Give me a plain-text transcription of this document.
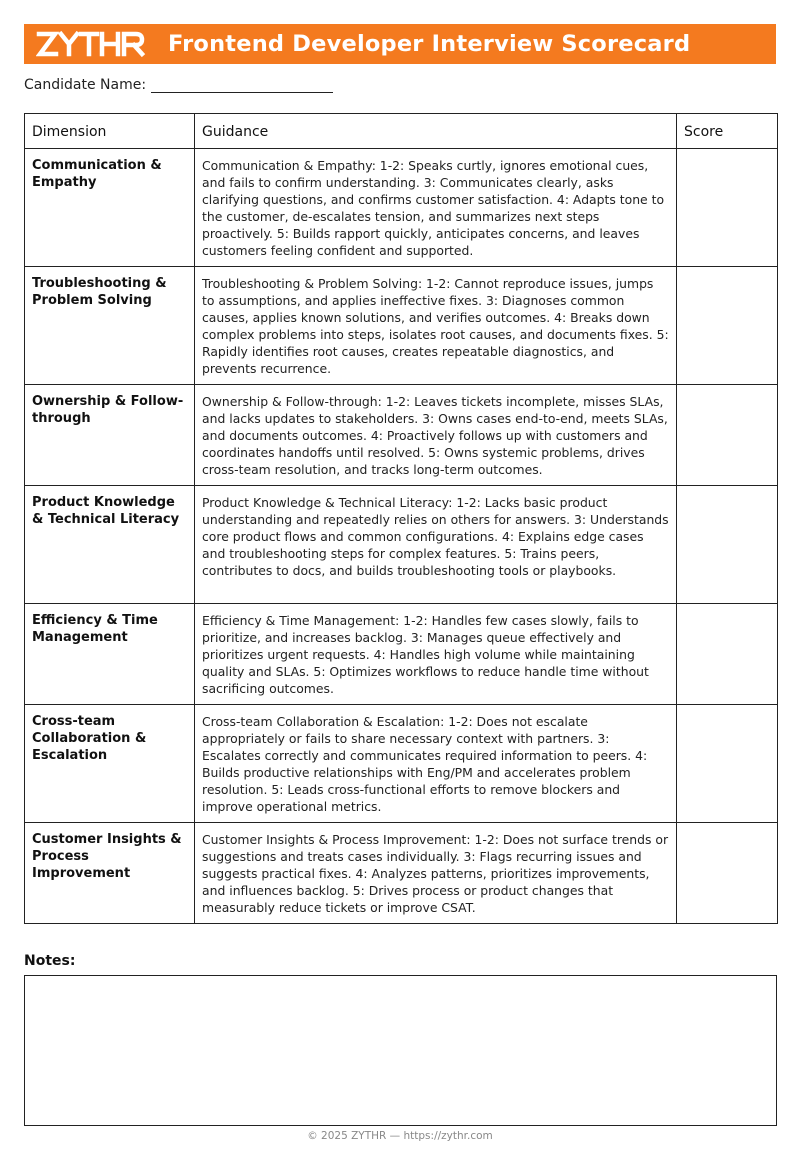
Frontend Developer Interview Scorecard
Candidate Name:
Dimension	Guidance	Score
Communication & Empathy	Communication & Empathy: 1-2: Speaks curtly, ignores emotional cues, and fails to confirm understanding. 3: Communicates clearly, asks clarifying questions, and confirms customer satisfaction. 4: Adapts tone to the customer, de-escalates tension, and summarizes next steps proactively. 5: Builds rapport quickly, anticipates concerns, and leaves customers feeling confident and supported.	
Troubleshooting & Problem Solving	Troubleshooting & Problem Solving: 1-2: Cannot reproduce issues, jumps to assumptions, and applies ineffective fixes. 3: Diagnoses common causes, applies known solutions, and verifies outcomes. 4: Breaks down complex problems into steps, isolates root causes, and documents fixes. 5: Rapidly identifies root causes, creates repeatable diagnostics, and prevents recurrence.	
Ownership & Follow-through	Ownership & Follow-through: 1-2: Leaves tickets incomplete, misses SLAs, and lacks updates to stakeholders. 3: Owns cases end-to-end, meets SLAs, and documents outcomes. 4: Proactively follows up with customers and coordinates handoffs until resolved. 5: Owns systemic problems, drives cross-team resolution, and tracks long-term outcomes.	
Product Knowledge & Technical Literacy	Product Knowledge & Technical Literacy: 1-2: Lacks basic product understanding and repeatedly relies on others for answers. 3: Understands core product flows and common configurations. 4: Explains edge cases and troubleshooting steps for complex features. 5: Trains peers, contributes to docs, and builds troubleshooting tools or playbooks.	
Efficiency & Time Management	Efficiency & Time Management: 1-2: Handles few cases slowly, fails to prioritize, and increases backlog. 3: Manages queue effectively and prioritizes urgent requests. 4: Handles high volume while maintaining quality and SLAs. 5: Optimizes workflows to reduce handle time without sacrificing outcomes.	
Cross-team Collaboration & Escalation	Cross-team Collaboration & Escalation: 1-2: Does not escalate appropriately or fails to share necessary context with partners. 3: Escalates correctly and communicates required information to peers. 4: Builds productive relationships with Eng/PM and accelerates problem resolution. 5: Leads cross-functional efforts to remove blockers and improve operational metrics.	
Customer Insights & Process Improvement	Customer Insights & Process Improvement: 1-2: Does not surface trends or suggestions and treats cases individually. 3: Flags recurring issues and suggests practical fixes. 4: Analyzes patterns, prioritizes improvements, and influences backlog. 5: Drives process or product changes that measurably reduce tickets or improve CSAT.	
Notes:
© 2025 ZYTHR — https://zythr.com
